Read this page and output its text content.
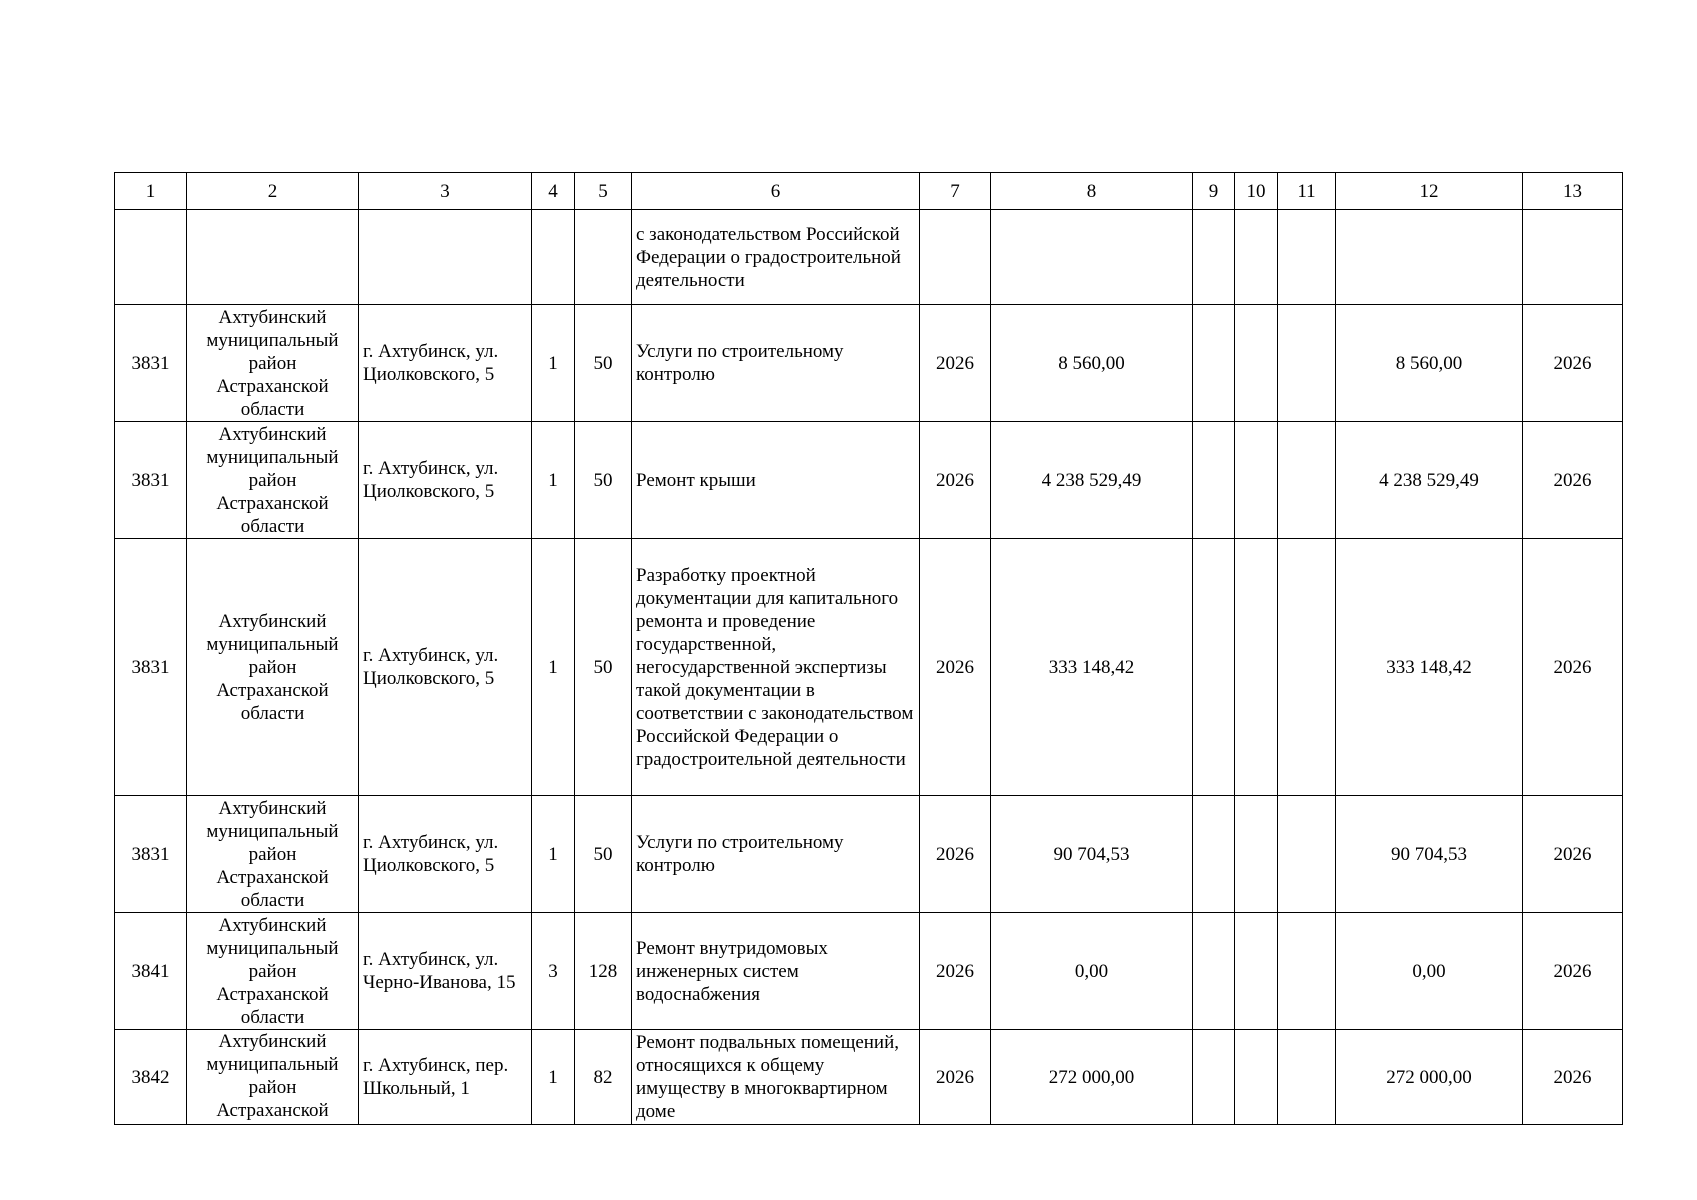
1	2	3	4	5	6	7	8	9	10	11	12	13
					с законодательством Российской Федерации о градостроительной деятельности							
3831	Ахтубинский муниципальный район Астраханской области	г. Ахтубинск, ул. Циолковского, 5	1	50	Услуги по строительному контролю	2026	8 560,00				8 560,00	2026
3831	Ахтубинский муниципальный район Астраханской области	г. Ахтубинск, ул. Циолковского, 5	1	50	Ремонт крыши	2026	4 238 529,49				4 238 529,49	2026
3831	Ахтубинский муниципальный район Астраханской области	г. Ахтубинск, ул. Циолковского, 5	1	50	Разработку проектной документации для капитального ремонта и проведение государственной, негосударственной экспертизы такой документации в соответствии с законодательством Российской Федерации о градостроительной деятельности	2026	333 148,42				333 148,42	2026
3831	Ахтубинский муниципальный район Астраханской области	г. Ахтубинск, ул. Циолковского, 5	1	50	Услуги по строительному контролю	2026	90 704,53				90 704,53	2026
3841	Ахтубинский муниципальный район Астраханской области	г. Ахтубинск, ул. Черно-Иванова, 15	3	128	Ремонт внутридомовых инженерных систем водоснабжения	2026	0,00				0,00	2026
3842	Ахтубинский муниципальный район Астраханской	г. Ахтубинск, пер. Школьный, 1	1	82	Ремонт подвальных помещений, относящихся к общему имуществу в многоквартирном доме	2026	272 000,00				272 000,00	2026
